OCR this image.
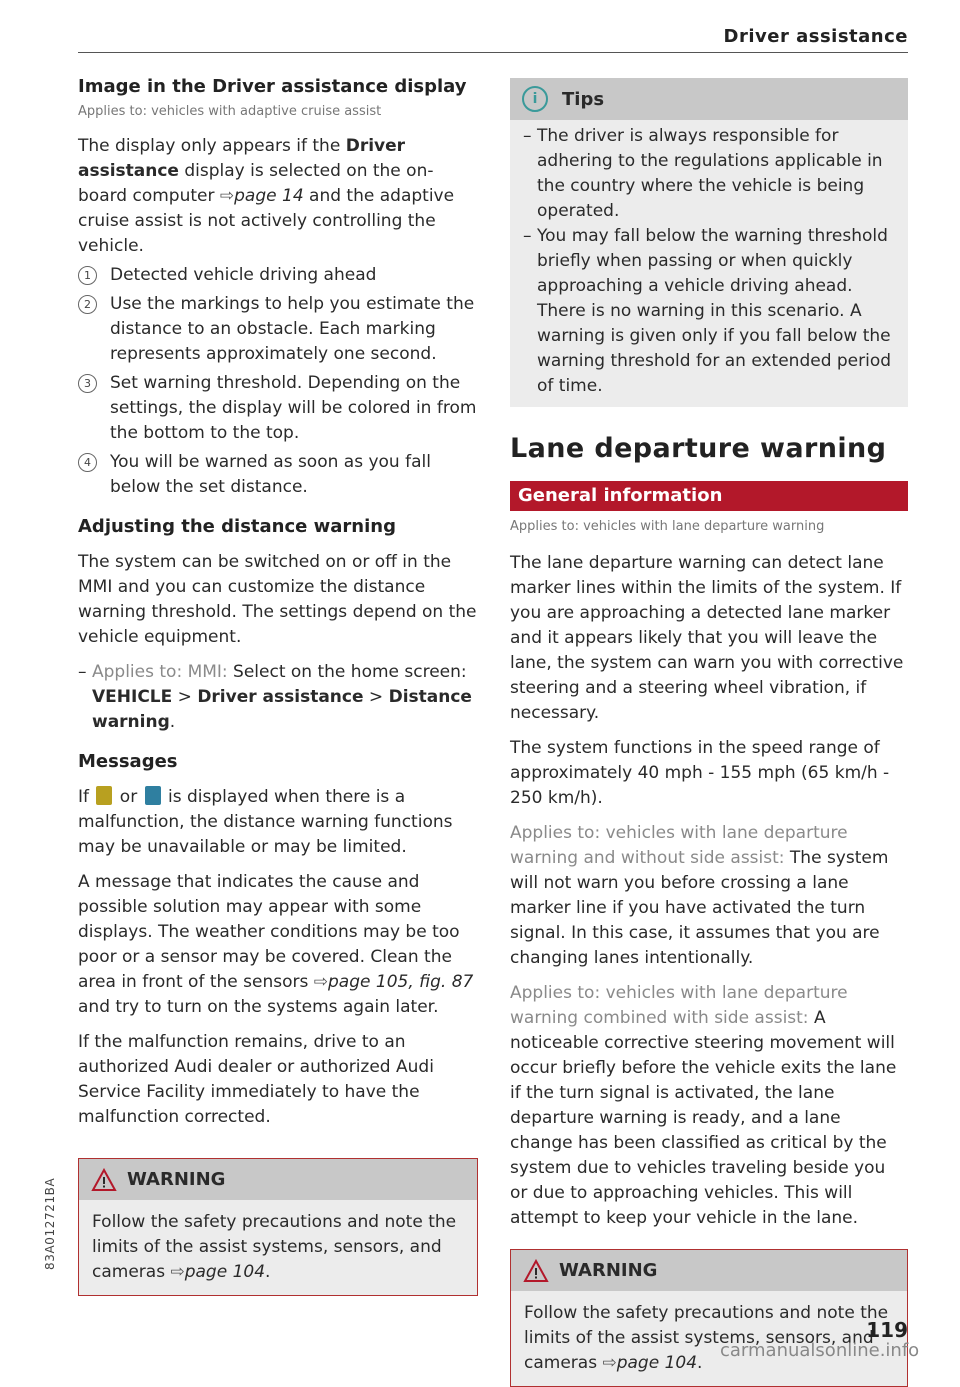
Driver assistance
Image in the Driver assistance display
Applies to: vehicles with adaptive cruise assist

The display only appears if the Driver assistance display is selected on the on-board computer ⇨page 14 and the adaptive cruise assist is not actively controlling the vehicle.

1	Detected vehicle driving ahead
2	Use the markings to help you estimate the distance to an obstacle. Each marking represents approximately one second.
3	Set warning threshold. Depending on the settings, the display will be colored in from the bottom to the top.
4	You will be warned as soon as you fall below the set distance.
Adjusting the distance warning

The system can be switched on or off in the MMI and you can customize the distance warning threshold. The settings depend on the vehicle equipment.

– Applies to: MMI: Select on the home screen: VEHICLE > Driver assistance > Distance warning.
Messages

If  or  is displayed when there is a malfunction, the distance warning functions may be unavailable or may be limited.

A message that indicates the cause and possible solution may appear with some displays. The weather conditions may be too poor or a sensor may be covered. Clean the area in front of the sensors ⇨page 105, fig. 87 and try to turn on the systems again later.

If the malfunction remains, drive to an authorized Audi dealer or authorized Audi Service Facility immediately to have the malfunction corrected.

WARNING
Follow the safety precautions and note the limits of the assist systems, sensors, and cameras ⇨page 104.
i	Tips
– The driver is always responsible for adhering to the regulations applicable in the country where the vehicle is being operated.
– You may fall below the warning threshold briefly when passing or when quickly approaching a vehicle driving ahead. There is no warning in this scenario. A warning is given only if you fall below the warning threshold for an extended period of time.
Lane departure warning
General information
Applies to: vehicles with lane departure warning

The lane departure warning can detect lane marker lines within the limits of the system. If you are approaching a detected lane marker and it appears likely that you will leave the lane, the system can warn you with corrective steering and a steering wheel vibration, if necessary.

The system functions in the speed range of approximately 40 mph - 155 mph (65 km/h - 250 km/h).

Applies to: vehicles with lane departure warning and without side assist: The system will not warn you before crossing a lane marker line if you have activated the turn signal. In this case, it assumes that you are changing lanes intentionally.

Applies to: vehicles with lane departure warning combined with side assist: A noticeable corrective steering movement will occur briefly before the vehicle exits the lane if the turn signal is activated, the lane departure warning is ready, and a lane change has been classified as critical by the system due to vehicles traveling beside you or due to approaching vehicles. This will attempt to keep your vehicle in the lane.

WARNING
Follow the safety precautions and note the limits of the assist systems, sensors, and cameras ⇨page 104.
83A012721BA
119
carmanualsonline.info
